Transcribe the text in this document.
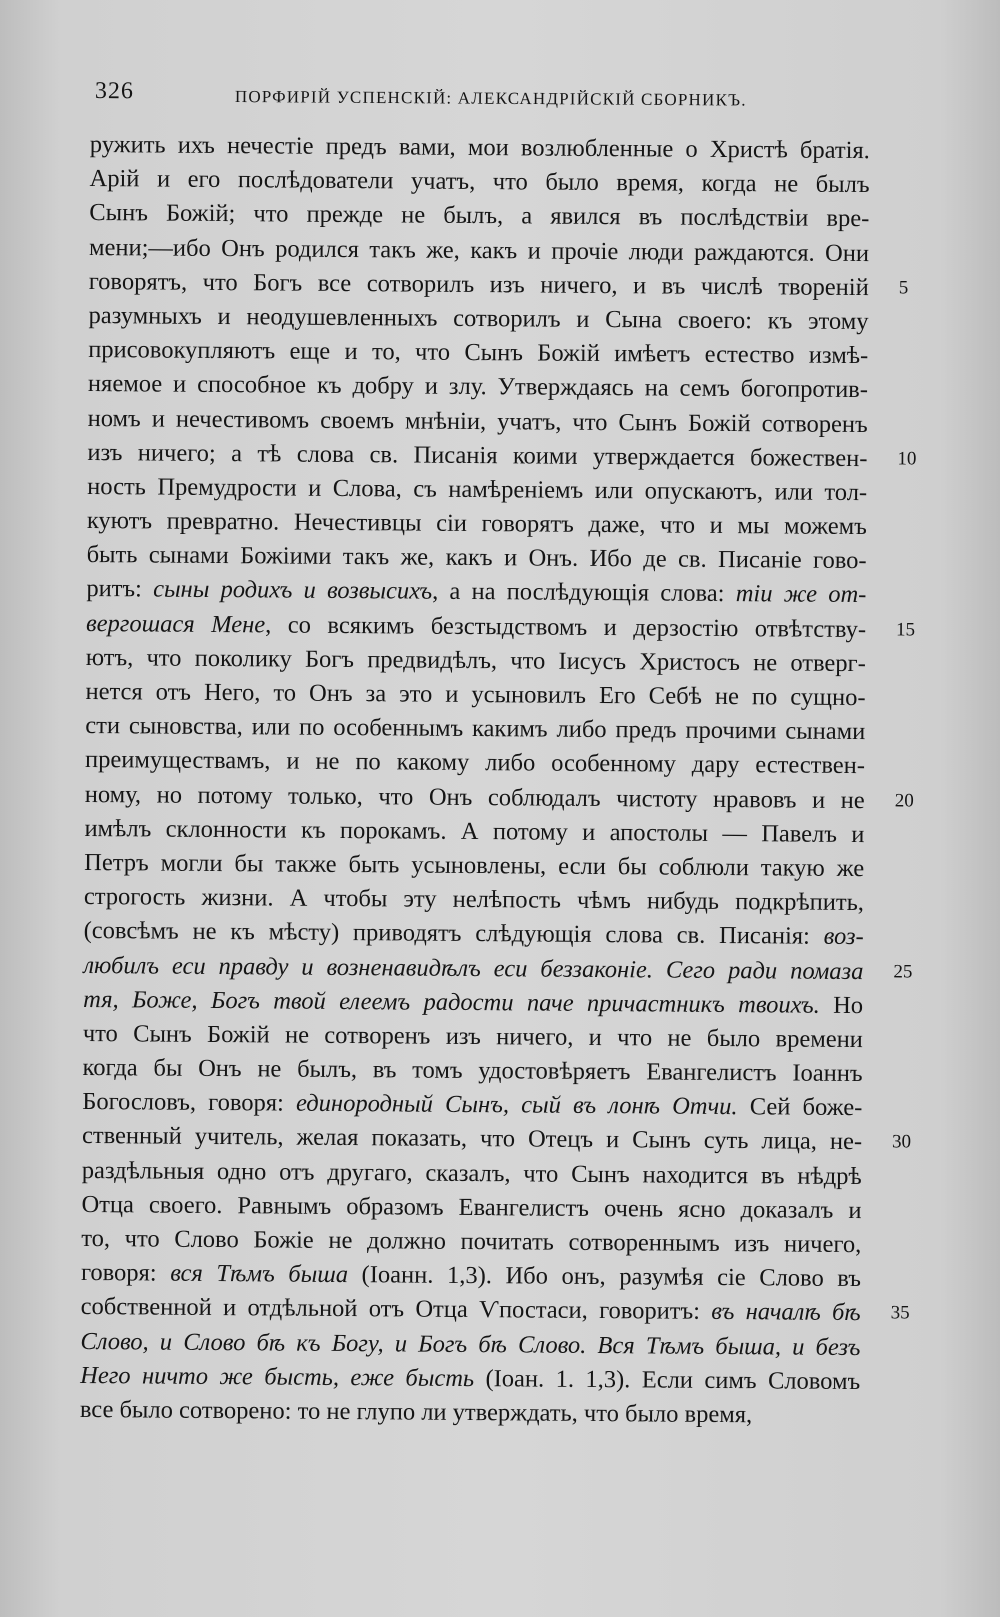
326	ПОРФИРІЙ УСПЕНСКІЙ: АЛЕКСАНДРІЙСКІЙ СБОРНИКЪ.
ружить ихъ нечестіе предъ вами, мои возлюбленные о Христѣ братія.
Арій и его послѣдователи учатъ, что было время, когда не былъ
Сынъ Божій; что прежде не былъ, а явился въ послѣдствіи вре-
мени;—ибо Онъ родился такъ же, какъ и прочіе люди раждаются. Они
говорятъ, что Богъ все сотворилъ изъ ничего, и въ числѣ твореній 5
разумныхъ и неодушевленныхъ сотворилъ и Сына своего: къ этому
присовокупляютъ еще и то, что Сынъ Божій имѣетъ естество измѣ-
няемое и способное къ добру и злу. Утверждаясь на семъ богопротив-
номъ и нечестивомъ своемъ мнѣніи, учатъ, что Сынъ Божій сотворенъ
изъ ничего; а тѣ слова св. Писанія коими утверждается божествен- 10
ность Премудрости и Слова, съ намѣреніемъ или опускаютъ, или тол-
куютъ превратно. Нечестивцы сіи говорятъ даже, что и мы можемъ
быть сынами Божіими такъ же, какъ и Онъ. Ибо де св. Писаніе гово-
ритъ: сыны родихъ и возвысихъ, а на послѣдующія слова: тіи же от-
вергошася Мене, со всякимъ безстыдствомъ и дерзостію отвѣтству- 15
ютъ, что поколику Богъ предвидѣлъ, что Іисусъ Христосъ не отверг-
нется отъ Него, то Онъ за это и усыновилъ Его Себѣ не по сущно-
сти сыновства, или по особеннымъ какимъ либо предъ прочими сынами
преимуществамъ, и не по какому либо особенному дару естествен-
ному, но потому только, что Онъ соблюдалъ чистоту нравовъ и не 20
имѣлъ склонности къ порокамъ. А потому и апостолы — Павелъ и
Петръ могли бы также быть усыновлены, если бы соблюли такую же
строгость жизни. А чтобы эту нелѣпость чѣмъ нибудь подкрѣпить,
(совсѣмъ не къ мѣсту) приводятъ слѣдующія слова св. Писанія: воз-
любилъ еси правду и возненавидѣлъ еси беззаконіе. Сего ради помаза 25
тя, Боже, Богъ твой елеемъ радости паче причастникъ твоихъ. Но
что Сынъ Божій не сотворенъ изъ ничего, и что не было времени
когда бы Онъ не былъ, въ томъ удостовѣряетъ Евангелистъ Іоаннъ
Богословъ, говоря: единородный Сынъ, сый въ лонѣ Отчи. Сей боже-
ственный учитель, желая показать, что Отецъ и Сынъ суть лица, не- 30
раздѣльныя одно отъ другаго, сказалъ, что Сынъ находится въ нѣдрѣ
Отца своего. Равнымъ образомъ Евангелистъ очень ясно доказалъ и
то, что Слово Божіе не должно почитать сотвореннымъ изъ ничего,
говоря: вся Тѣмъ быша (Іоанн. 1,3). Ибо онъ, разумѣя сіе Слово въ
собственной и отдѣльной отъ Отца Ѵпостаси, говоритъ: въ началѣ бѣ 35
Слово, и Слово бѣ къ Богу, и Богъ бѣ Слово. Вся Тѣмъ быша, и безъ
Него ничто же бысть, еже бысть (Іоан. 1. 1,3). Если симъ Словомъ
все было сотворено: то не глупо ли утверждать, что было время,
